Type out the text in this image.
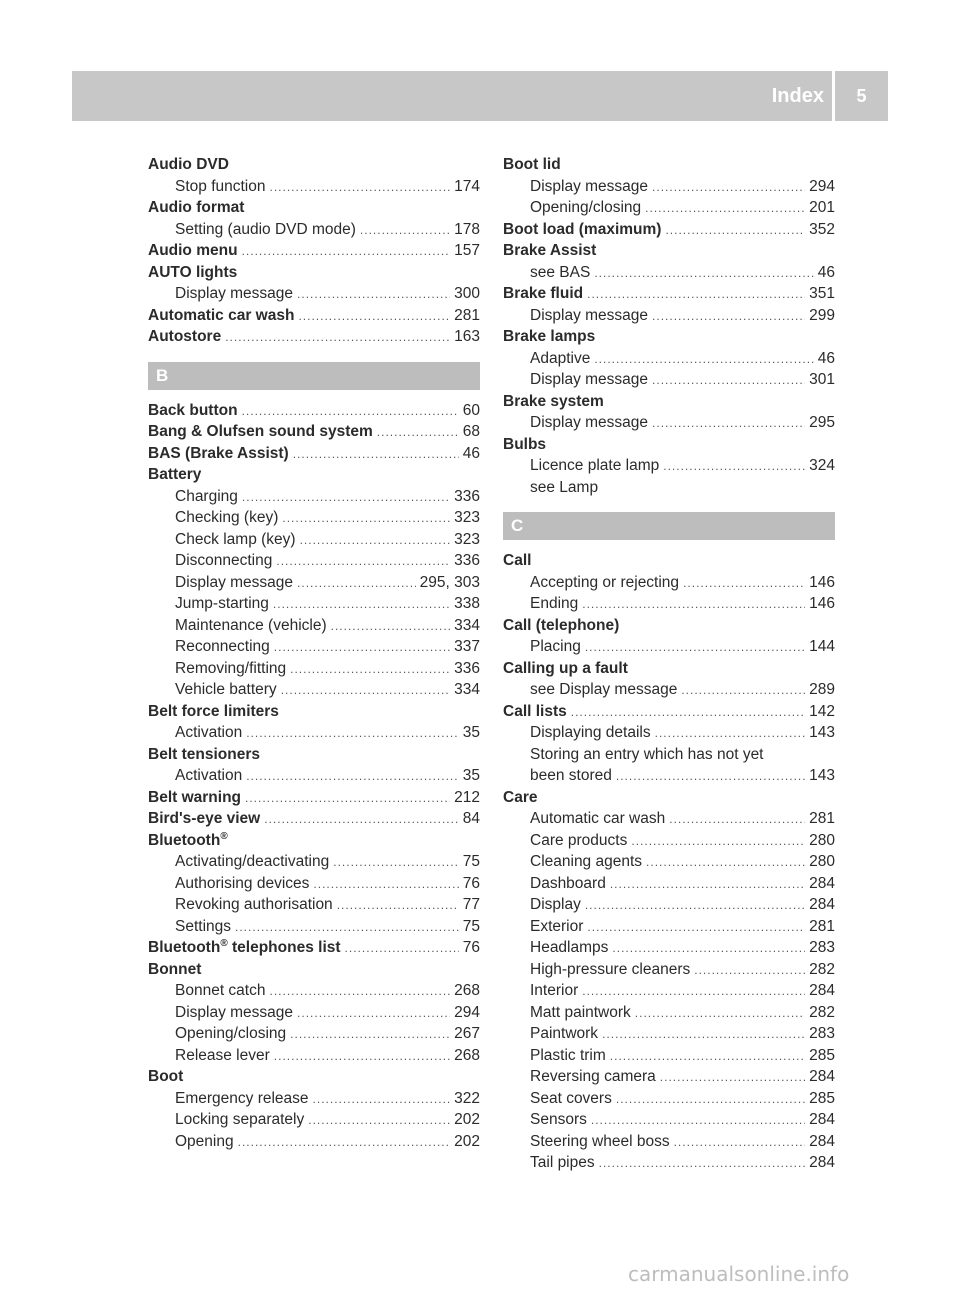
Index	5
Audio DVD
Stop function .....	174
Audio format
Setting (audio DVD mode) .....	178
Audio menu .....	157
AUTO lights
Display message .....	300
Automatic car wash .....	281
Autostore .....	163
B
Back button .....	60
Bang & Olufsen sound system .....	68
BAS (Brake Assist) .....	46
Battery
Charging .....	336
Checking (key) .....	323
Check lamp (key) .....	323
Disconnecting .....	336
Display message .....	295, 303
Jump-starting .....	338
Maintenance (vehicle) .....	334
Reconnecting .....	337
Removing/fitting .....	336
Vehicle battery .....	334
Belt force limiters
Activation .....	35
Belt tensioners
Activation .....	35
Belt warning .....	212
Bird's-eye view .....	84
Bluetooth®
Activating/deactivating .....	75
Authorising devices .....	76
Revoking authorisation .....	77
Settings .....	75
Bluetooth® telephones list .....	76
Bonnet
Bonnet catch .....	268
Display message .....	294
Opening/closing .....	267
Release lever .....	268
Boot
Emergency release .....	322
Locking separately .....	202
Opening .....	202
Boot lid
Display message .....	294
Opening/closing .....	201
Boot load (maximum) .....	352
Brake Assist
see BAS .....	46
Brake fluid .....	351
Display message .....	299
Brake lamps
Adaptive .....	46
Display message .....	301
Brake system
Display message .....	295
Bulbs
Licence plate lamp .....	324
see Lamp
C
Call
Accepting or rejecting .....	146
Ending .....	146
Call (telephone)
Placing .....	144
Calling up a fault
see Display message .....	289
Call lists .....	142
Displaying details .....	143
Storing an entry which has not yet
been stored .....	143
Care
Automatic car wash .....	281
Care products .....	280
Cleaning agents .....	280
Dashboard .....	284
Display .....	284
Exterior .....	281
Headlamps .....	283
High-pressure cleaners .....	282
Interior .....	284
Matt paintwork .....	282
Paintwork .....	283
Plastic trim .....	285
Reversing camera .....	284
Seat covers .....	285
Sensors .....	284
Steering wheel boss .....	284
Tail pipes .....	284
carmanualsonline.info
